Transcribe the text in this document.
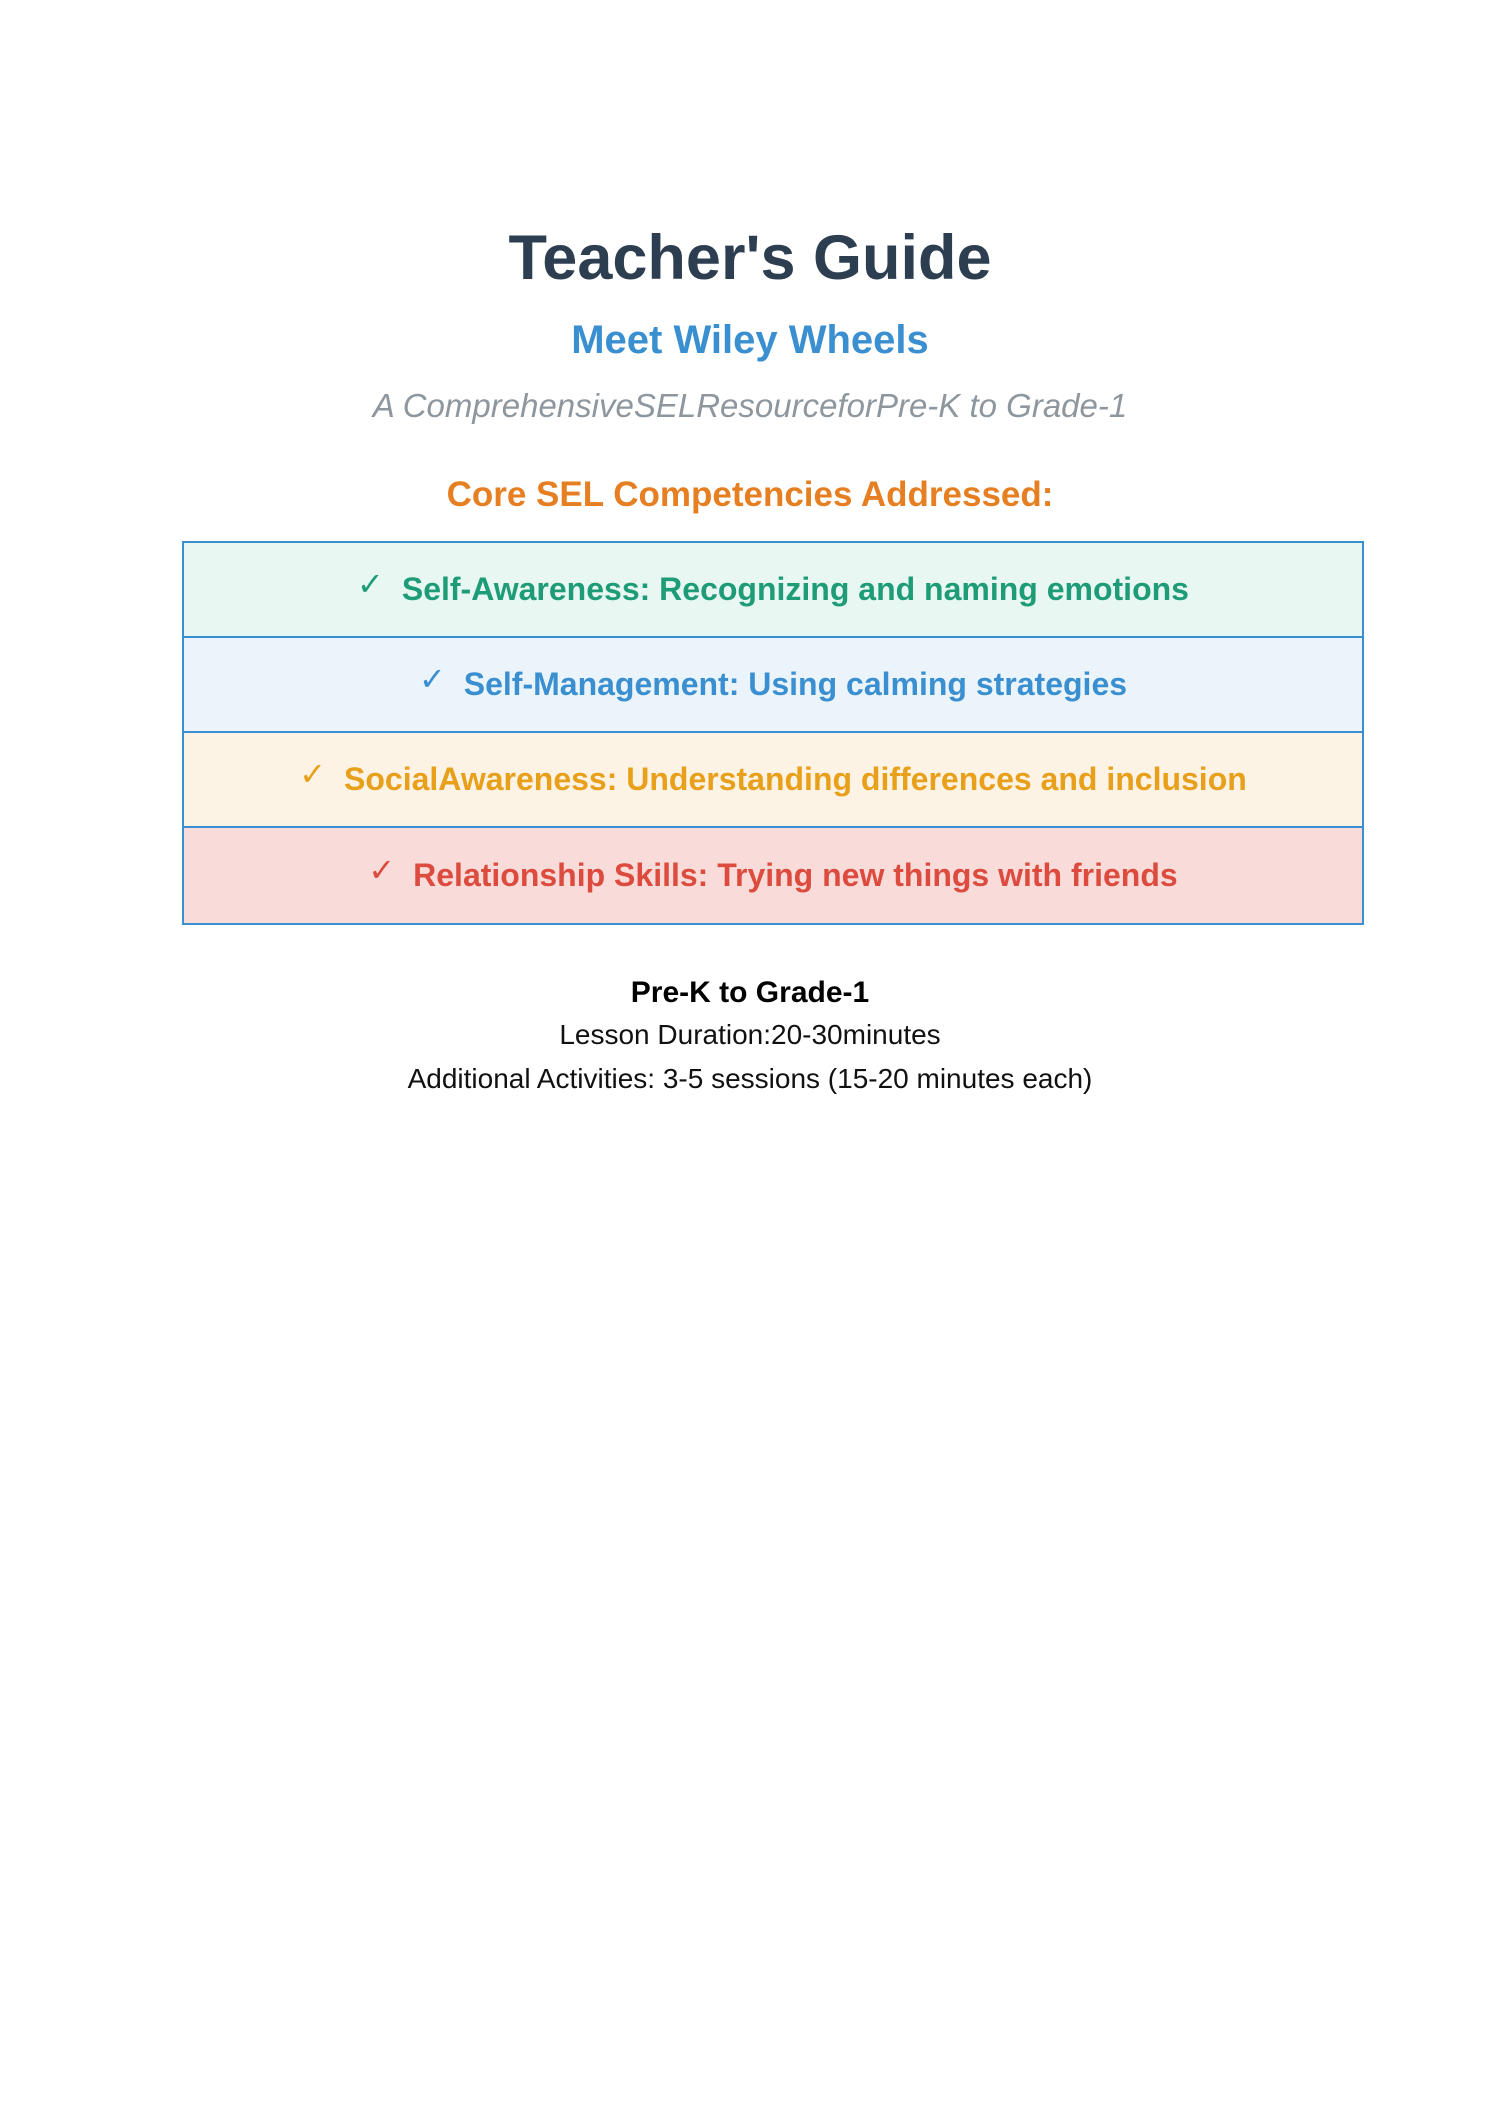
Teacher's Guide
Meet Wiley Wheels
A ComprehensiveSELResourceforPre-K to Grade-1
Core SEL Competencies Addressed:
✓ Self-Awareness: Recognizing and naming emotions
✓ Self-Management: Using calming strategies
✓ SocialAwareness: Understanding differences and inclusion
✓ Relationship Skills: Trying new things with friends
Pre-K to Grade-1
Lesson Duration:20-30minutes
Additional Activities: 3-5 sessions (15-20 minutes each)
